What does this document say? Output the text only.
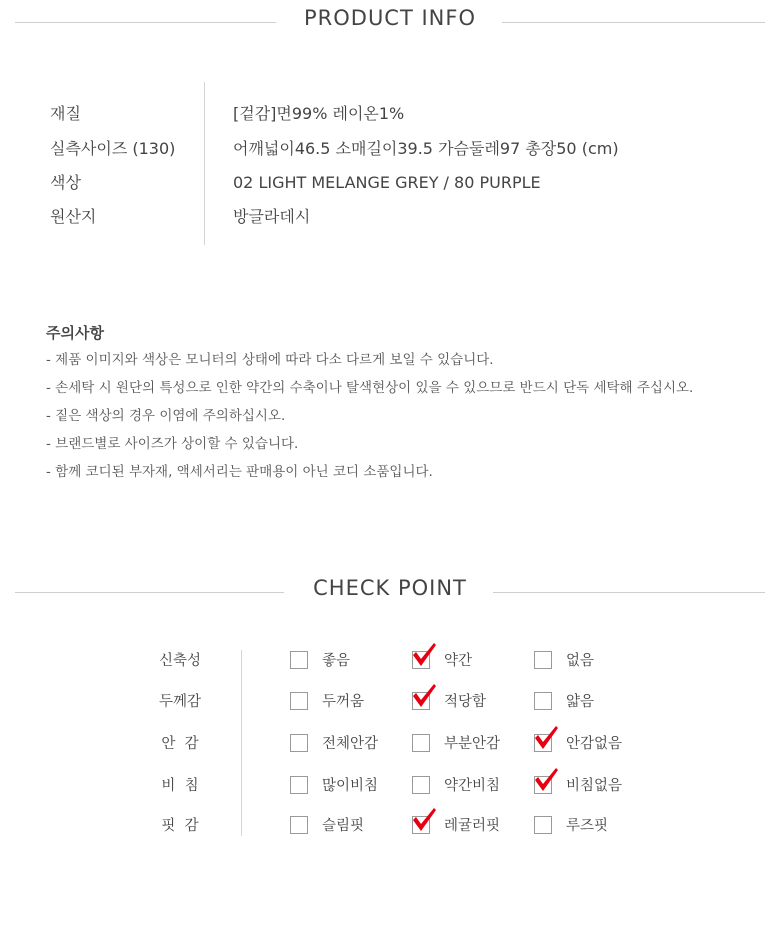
PRODUCT INFO
재질	[겉감]면99% 레이온1%
실측사이즈 (130)	어깨넓이46.5 소매길이39.5 가슴둘레97 총장50 (cm)
색상	02 LIGHT MELANGE GREY / 80 PURPLE
원산지	방글라데시
주의사항
- 제품 이미지와 색상은 모니터의 상태에 따라 다소 다르게 보일 수 있습니다.
- 손세탁 시 원단의 특성으로 인한 약간의 수축이나 탈색현상이 있을 수 있으므로 반드시 단독 세탁해 주십시오.
- 짙은 색상의 경우 이염에 주의하십시오.
- 브랜드별로 사이즈가 상이할 수 있습니다.
- 함께 코디된 부자재, 액세서리는 판매용이 아닌 코디 소품입니다.
CHECK POINT
신축성	좋음	약간	없음
두께감	두꺼움	적당함	얇음
안  감	전체안감	부분안감	안감없음
비  침	많이비침	약간비침	비침없음
핏  감	슬림핏	레귤러핏	루즈핏
